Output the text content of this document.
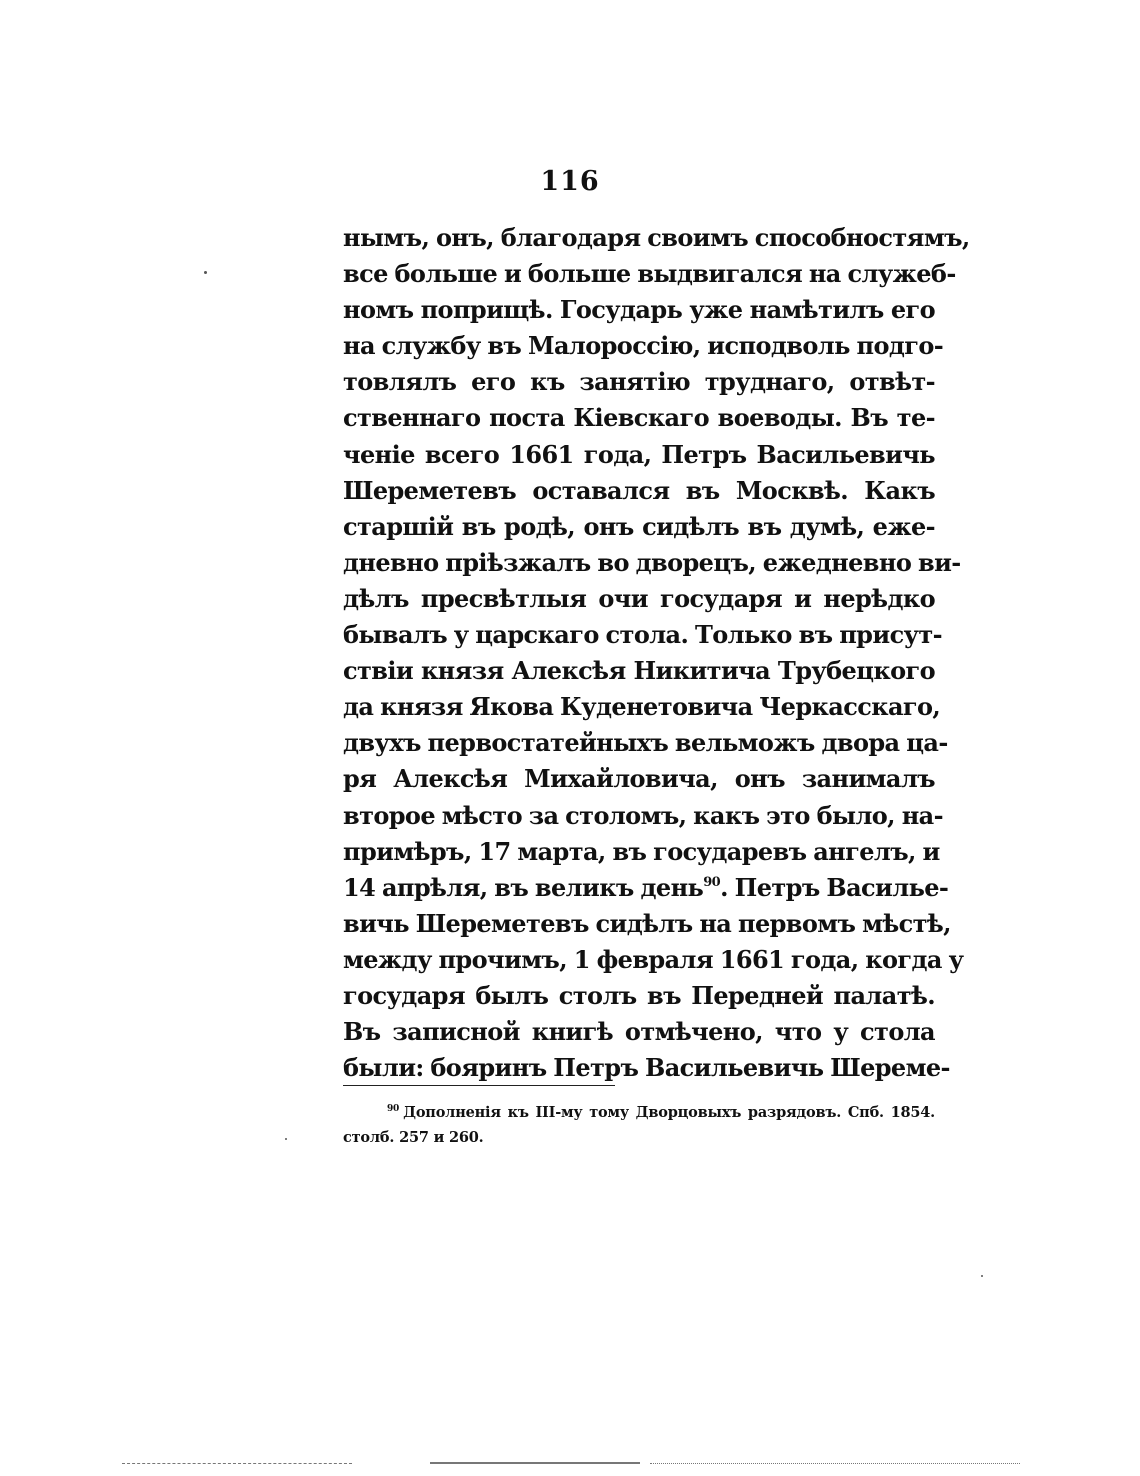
116
нымъ, онъ, благодаря своимъ способностямъ,
все больше и больше выдвигался на служеб-
номъ поприщѣ. Государь уже намѣтилъ его
на службу въ Малороссію, исподволь подго-
товлялъ его къ занятію труднаго, отвѣт-
ственнаго поста Кіевскаго воеводы. Въ те-
ченіе всего 1661 года, Петръ Васильевичь
Шереметевъ оставался въ Москвѣ. Какъ
старшій въ родѣ, онъ сидѣлъ въ думѣ, еже-
дневно пріѣзжалъ во дворецъ, ежедневно ви-
дѣлъ пресвѣтлыя очи государя и нерѣдко
бывалъ у царскаго стола. Только въ присут-
ствіи князя Алексѣя Никитича Трубецкого
да князя Якова Куденетовича Черкасскаго,
двухъ первостатейныхъ вельможъ двора ца-
ря Алексѣя Михайловича, онъ занималъ
второе мѣсто за столомъ, какъ это было, на-
примѣръ, 17 марта, въ государевъ ангелъ, и
14 апрѣля, въ великъ день$^{90}$. Петръ Василье-
вичь Шереметевъ сидѣлъ на первомъ мѣстѣ,
между прочимъ, 1 февраля 1661 года, когда у
государя былъ столъ въ Передней палатѣ.
Въ записной книгѣ отмѣчено, что у стола
были: бояринъ Петръ Васильевичь Шереме-
$^{90}$ Дополненія къ III-му тому Дворцовыхъ разрядовъ. Спб. 1854.
столб. 257 и 260.
